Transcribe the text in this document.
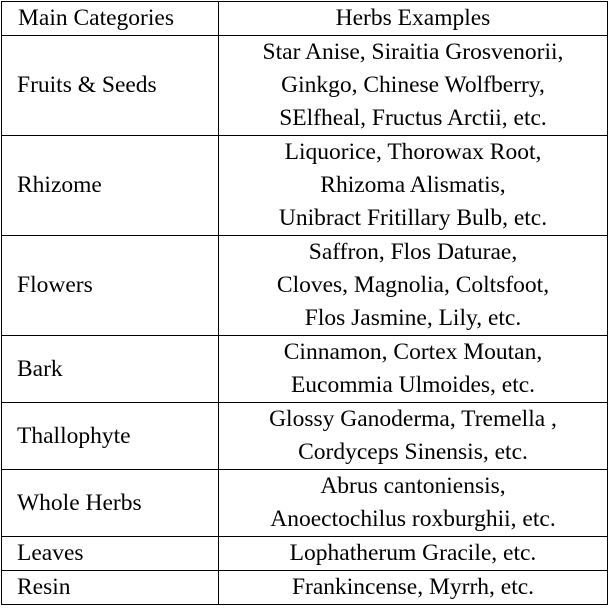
Main Categories	Herbs Examples
Fruits & Seeds	Star Anise, Siraitia Grosvenorii,
Ginkgo, Chinese Wolfberry,
SElfheal, Fructus Arctii, etc.

Rhizome	Liquorice, Thorowax Root,
Rhizoma Alismatis,
Unibract Fritillary Bulb, etc.

Flowers	Saffron, Flos Daturae,
Cloves, Magnolia, Coltsfoot,
Flos Jasmine, Lily, etc.

Bark	Cinnamon, Cortex Moutan,
Eucommia Ulmoides, etc.

Thallophyte	Glossy Ganoderma, Tremella ,
Cordyceps Sinensis, etc.

Whole Herbs	Abrus cantoniensis,
Anoectochilus roxburghii, etc.

Leaves	Lophatherum Gracile, etc.

Resin	Frankincense, Myrrh, etc.
